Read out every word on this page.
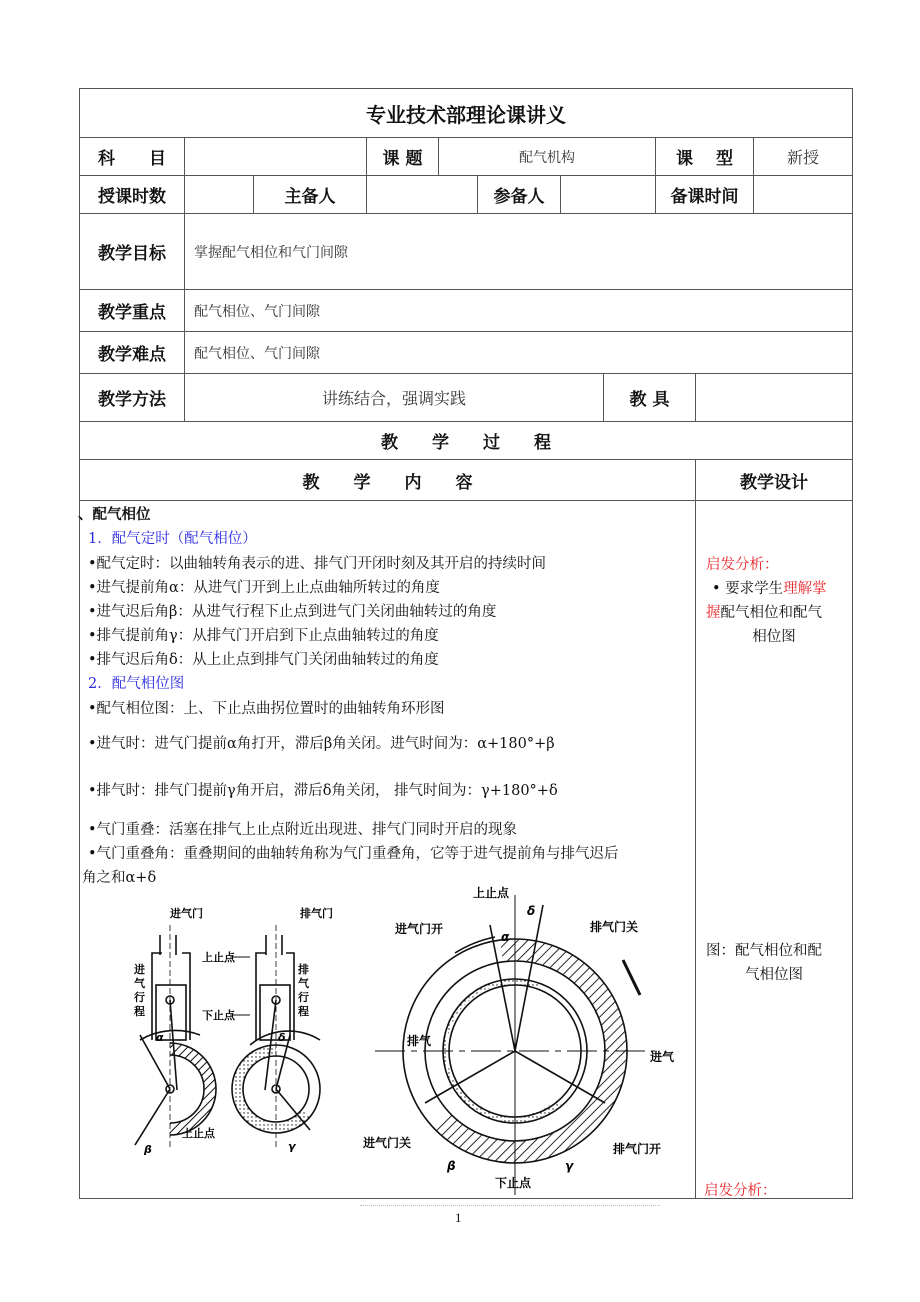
专业技术部理论课讲义
科　　目	课 题	配气机构	课　 型	新授
授课时数	主备人	参备人	备课时间
教学目标	掌握配气相位和气门间隙
教学重点	配气相位、气门间隙
教学难点	配气相位、气门间隙
教学方法	讲练结合，强调实践	教 具
教　　学　　过　　程
教　　学　　内　　容	教学设计
、配气相位
1．配气定时（配气相位）
•配气定时：以曲轴转角表示的进、排气门开闭时刻及其开启的持续时间
•进气提前角α：从进气门开到上止点曲轴所转过的角度
•进气迟后角β：从进气行程下止点到进气门关闭曲轴转过的角度
•排气提前角γ：从排气门开启到下止点曲轴转过的角度
•排气迟后角δ：从上止点到排气门关闭曲轴转过的角度
2．配气相位图
•配气相位图：上、下止点曲拐位置时的曲轴转角环形图
•进气时：进气门提前α角打开，滞后β角关闭。进气时间为：α+180°+β
•排气时：排气门提前γ角开启，滞后δ角关闭， 排气时间为：γ+180°+δ
•气门重叠：活塞在排气上止点附近出现进、排气门同时开启的现象
•气门重叠角：重叠期间的曲轴转角称为气门重叠角，它等于进气提前角与排气迟后
角之和α+δ
进气门	排气门
上止点
下止点
进
气
行
程
排
气
行
程
α	δ
β	γ
上止点
上止点
下止点
进气门开	排气门关
排气
进气
进气门关	排气门开
α
δ
β	γ
启发分析：
• 要求学生理解掌
握配气相位和配气
相位图
图：配气相位和配
气相位图
启发分析：
1
